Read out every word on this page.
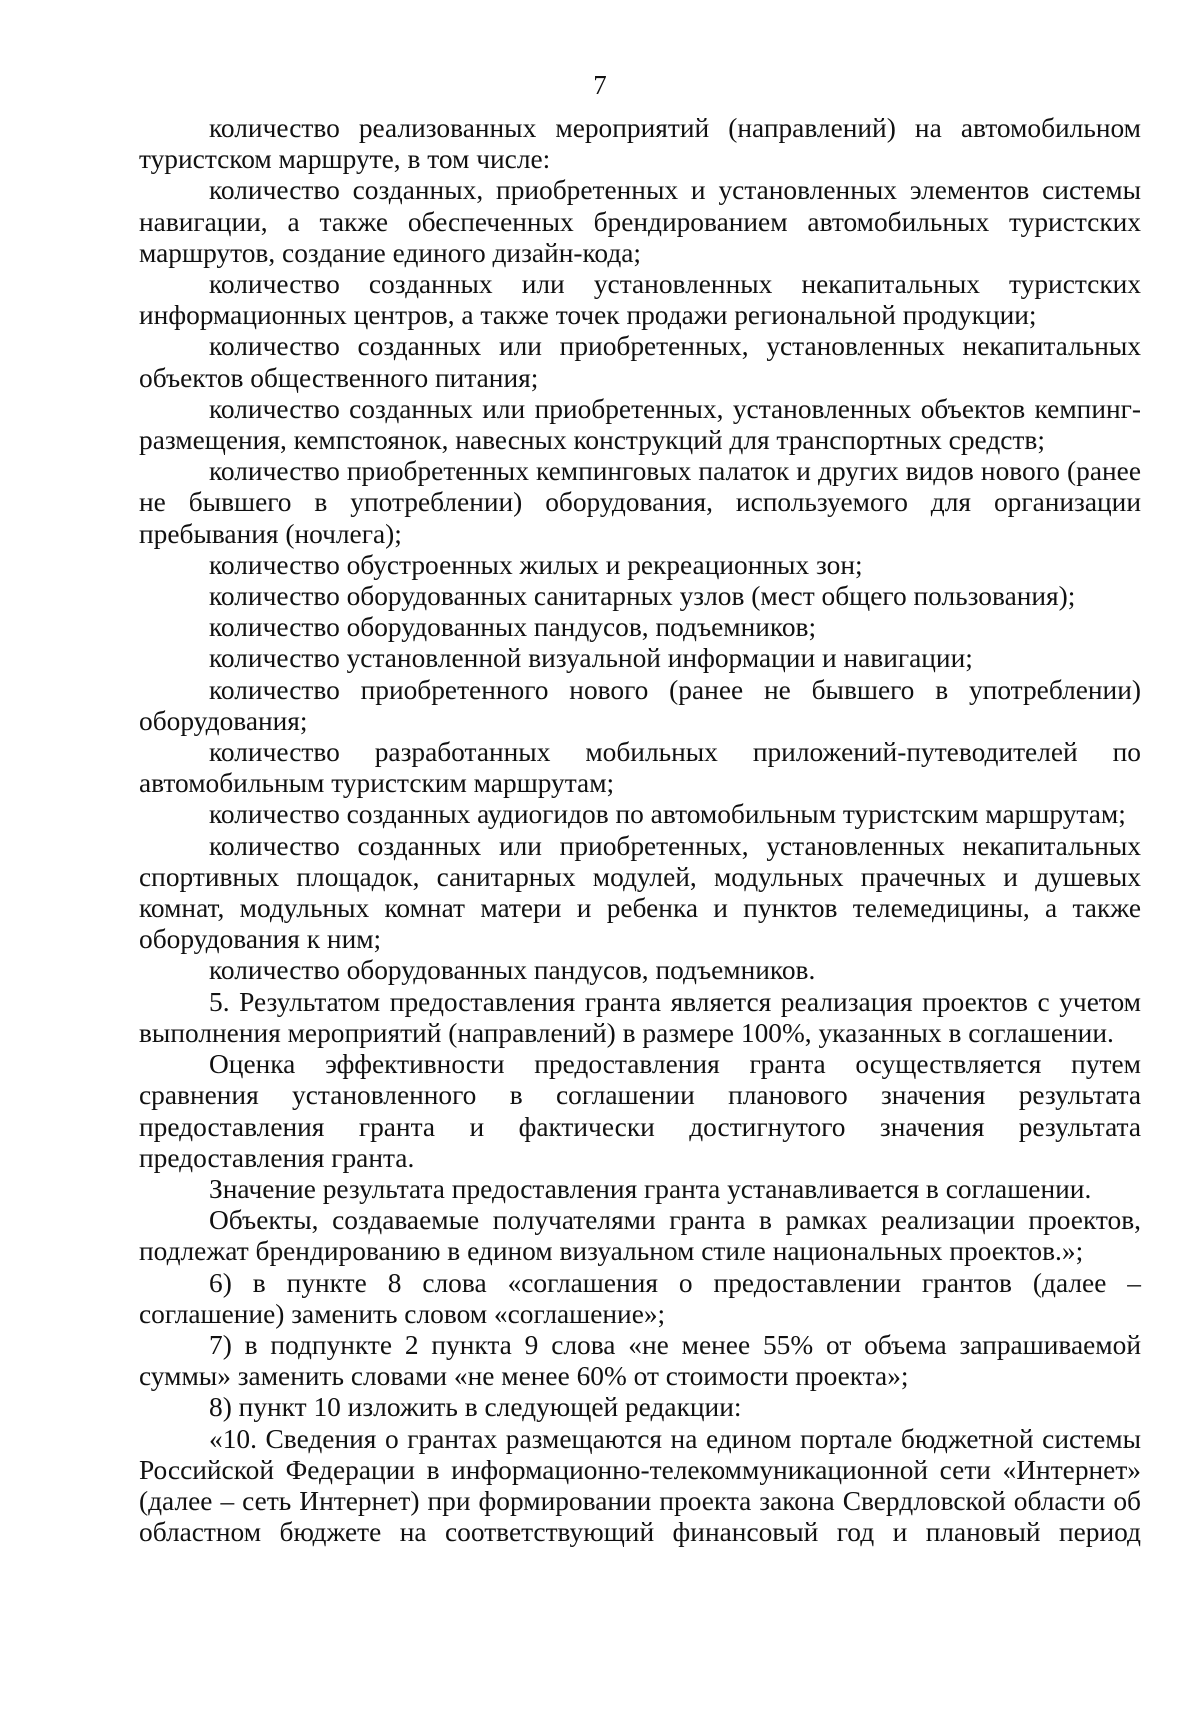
7

количество реализованных мероприятий (направлений) на автомобильном туристском маршруте, в том числе:

количество созданных, приобретенных и установленных элементов системы навигации, а также обеспеченных брендированием автомобильных туристских маршрутов, создание единого дизайн-кода;

количество созданных или установленных некапитальных туристских информационных центров, а также точек продажи региональной продукции;

количество созданных или приобретенных, установленных некапитальных объектов общественного питания;

количество созданных или приобретенных, установленных объектов кемпинг-размещения, кемпстоянок, навесных конструкций для транспортных средств;

количество приобретенных кемпинговых палаток и других видов нового (ранее не бывшего в употреблении) оборудования, используемого для организации пребывания (ночлега);

количество обустроенных жилых и рекреационных зон;

количество оборудованных санитарных узлов (мест общего пользования);

количество оборудованных пандусов, подъемников;

количество установленной визуальной информации и навигации;

количество приобретенного нового (ранее не бывшего в употреблении) оборудования;

количество разработанных мобильных приложений-путеводителей по автомобильным туристским маршрутам;

количество созданных аудиогидов по автомобильным туристским маршрутам;

количество созданных или приобретенных, установленных некапитальных спортивных площадок, санитарных модулей, модульных прачечных и душевых комнат, модульных комнат матери и ребенка и пунктов телемедицины, а также оборудования к ним;

количество оборудованных пандусов, подъемников.

5. Результатом предоставления гранта является реализация проектов с учетом выполнения мероприятий (направлений) в размере 100%, указанных в соглашении.

Оценка эффективности предоставления гранта осуществляется путем сравнения установленного в соглашении планового значения результата предоставления гранта и фактически достигнутого значения результата предоставления гранта.

Значение результата предоставления гранта устанавливается в соглашении.

Объекты, создаваемые получателями гранта в рамках реализации проектов, подлежат брендированию в едином визуальном стиле национальных проектов.»;

6) в пункте 8 слова «соглашения о предоставлении грантов (далее – соглашение) заменить словом «соглашение»;

7) в подпункте 2 пункта 9 слова «не менее 55% от объема запрашиваемой суммы» заменить словами «не менее 60% от стоимости проекта»;

8) пункт 10 изложить в следующей редакции:

«10. Сведения о грантах размещаются на едином портале бюджетной системы Российской Федерации в информационно-телекоммуникационной сети «Интернет» (далее – сеть Интернет) при формировании проекта закона Свердловской области об областном бюджете на соответствующий финансовый год и плановый период
